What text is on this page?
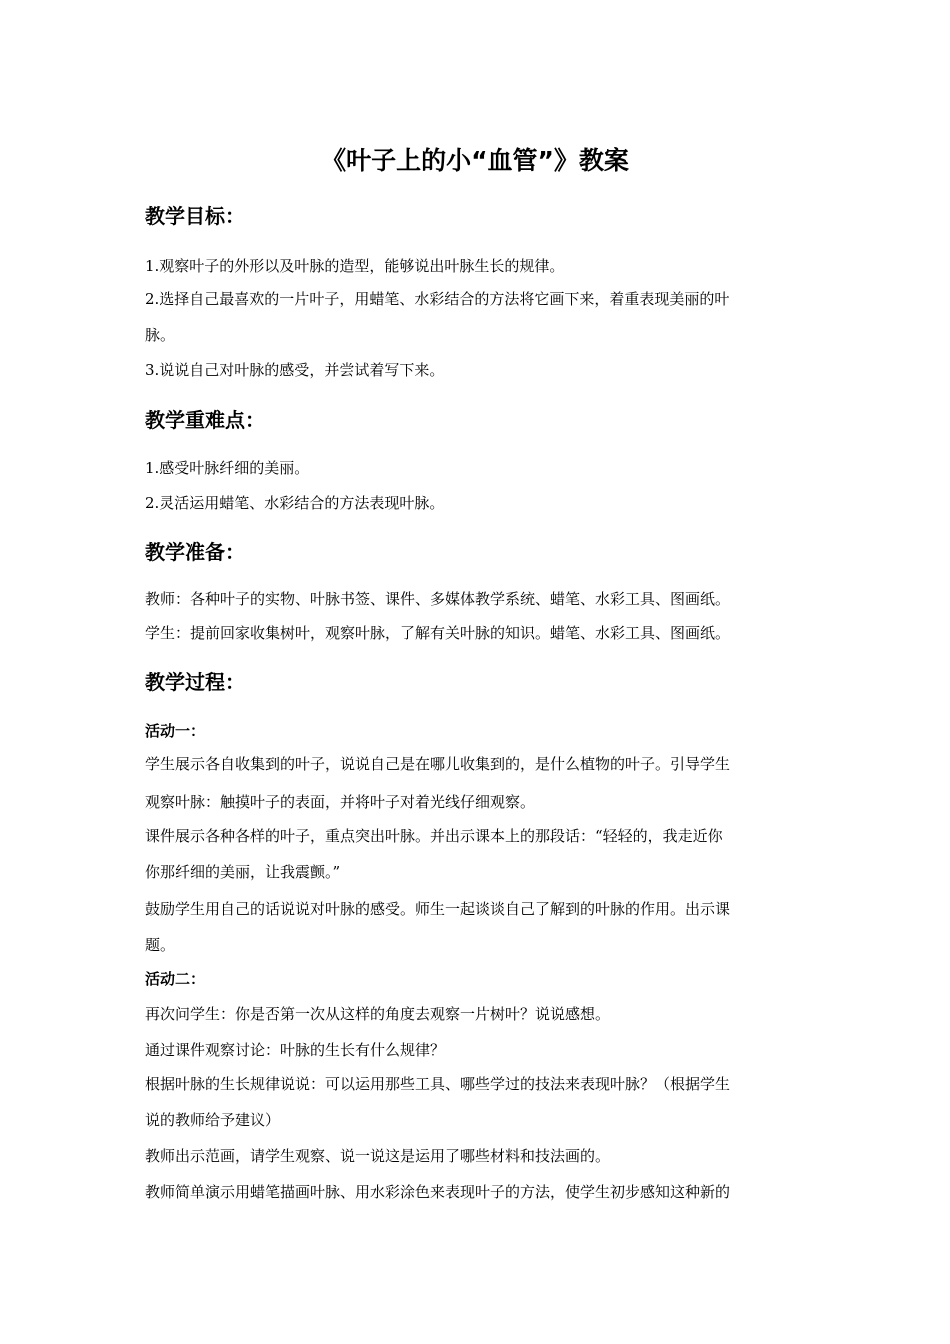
《叶子上的小“血管”》教案
教学目标：
1.观察叶子的外形以及叶脉的造型，能够说出叶脉生长的规律。
2.选择自己最喜欢的一片叶子，用蜡笔、水彩结合的方法将它画下来，着重表现美丽的叶
脉。
3.说说自己对叶脉的感受，并尝试着写下来。
教学重难点：
1.感受叶脉纤细的美丽。
2.灵活运用蜡笔、水彩结合的方法表现叶脉。
教学准备：
教师：各种叶子的实物、叶脉书签、课件、多媒体教学系统、蜡笔、水彩工具、图画纸。
学生：提前回家收集树叶，观察叶脉，了解有关叶脉的知识。蜡笔、水彩工具、图画纸。
教学过程：
活动一：
学生展示各自收集到的叶子，说说自己是在哪儿收集到的，是什么植物的叶子。引导学生
观察叶脉：触摸叶子的表面，并将叶子对着光线仔细观察。
课件展示各种各样的叶子，重点突出叶脉。并出示课本上的那段话：“轻轻的，我走近你
你那纤细的美丽，让我震颤。”
鼓励学生用自己的话说说对叶脉的感受。师生一起谈谈自己了解到的叶脉的作用。出示课
题。
活动二：
再次问学生：你是否第一次从这样的角度去观察一片树叶？说说感想。
通过课件观察讨论：叶脉的生长有什么规律？
根据叶脉的生长规律说说：可以运用那些工具、哪些学过的技法来表现叶脉？（根据学生
说的教师给予建议）
教师出示范画，请学生观察、说一说这是运用了哪些材料和技法画的。
教师简单演示用蜡笔描画叶脉、用水彩涂色来表现叶子的方法，使学生初步感知这种新的
